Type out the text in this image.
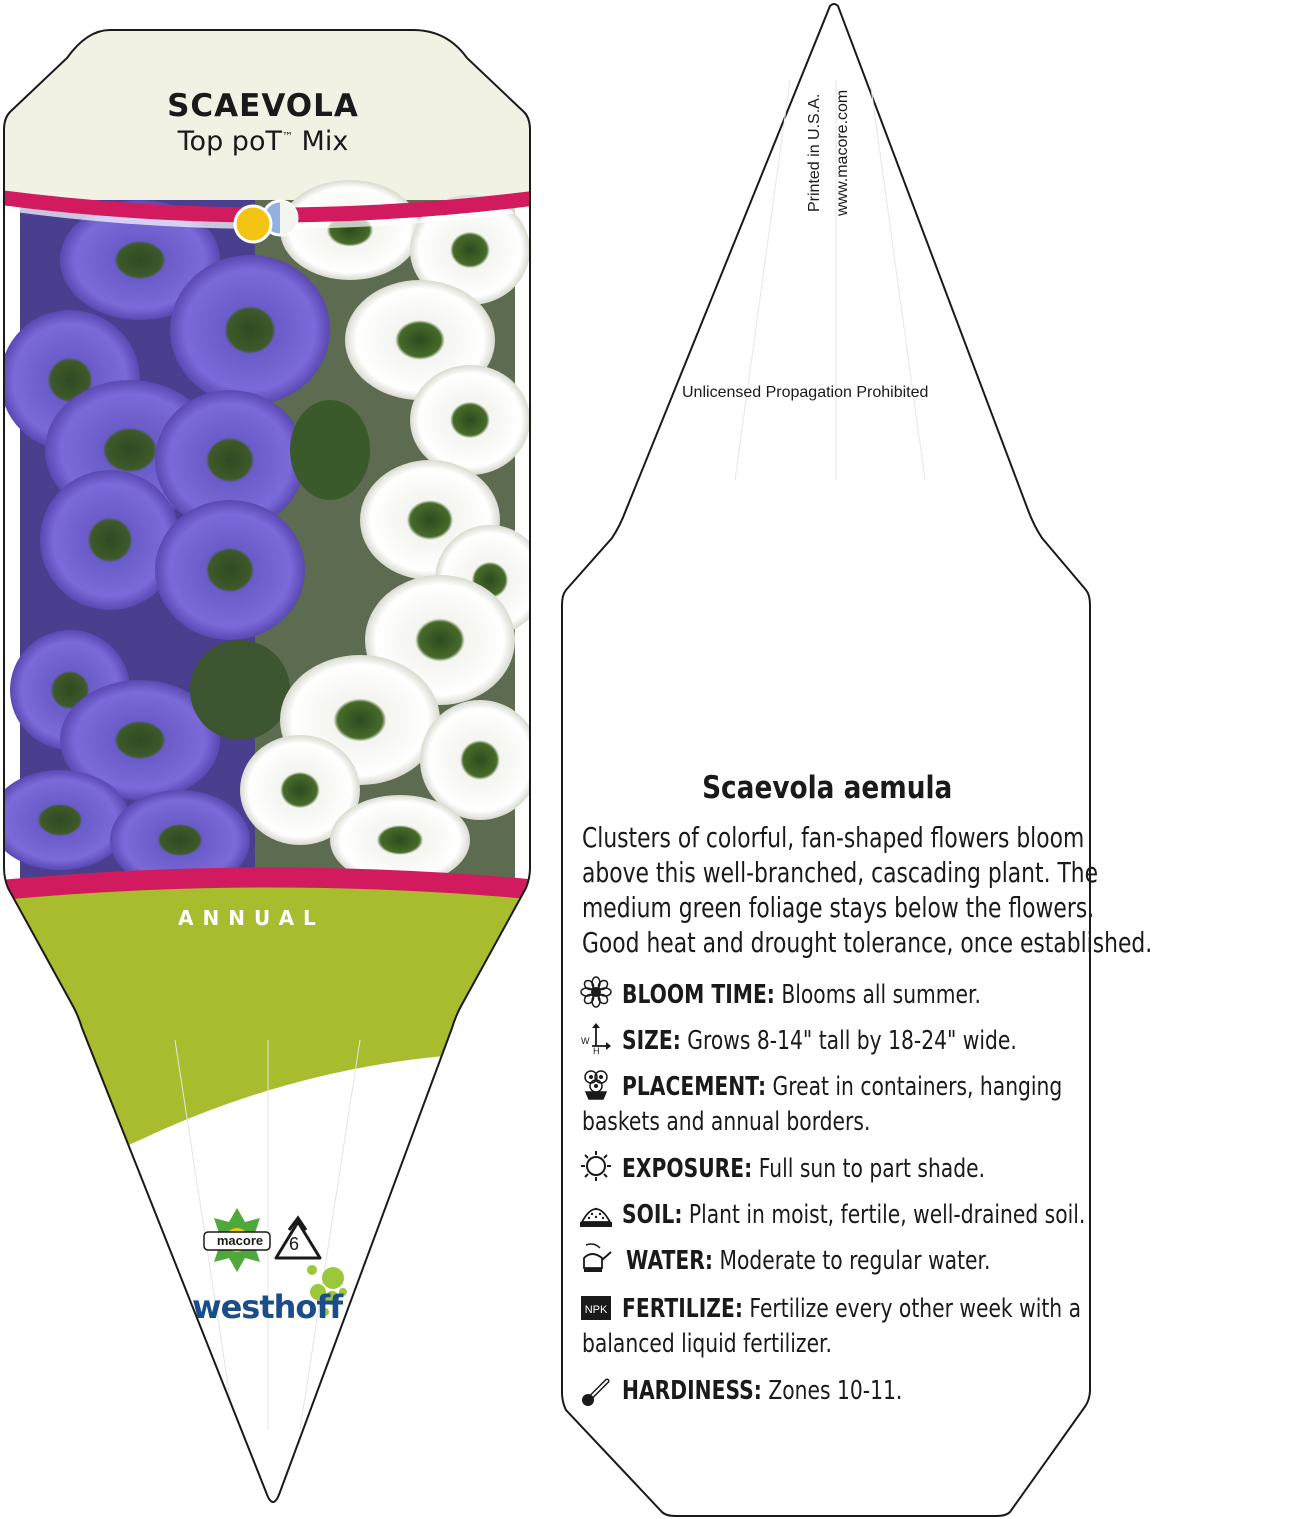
SCAEVOLA
Top poT™ Mix
ANNUAL
macore	6
westhoff
Printed in U.S.A. www.macore.com
Unlicensed Propagation Prohibited
Scaevola aemula
Clusters of colorful, fan-shaped flowers bloom
above this well-branched, cascading plant. The
medium green foliage stays below the flowers.
Good heat and drought tolerance, once established.
W
H
NPK
BLOOM TIME: Blooms all summer.
SIZE: Grows 8-14" tall by 18-24" wide.
PLACEMENT: Great in containers, hanging
baskets and annual borders.
EXPOSURE: Full sun to part shade.
SOIL: Plant in moist, fertile, well-drained soil.
WATER: Moderate to regular water.
FERTILIZE: Fertilize every other week with a
balanced liquid fertilizer.
HARDINESS: Zones 10-11.
